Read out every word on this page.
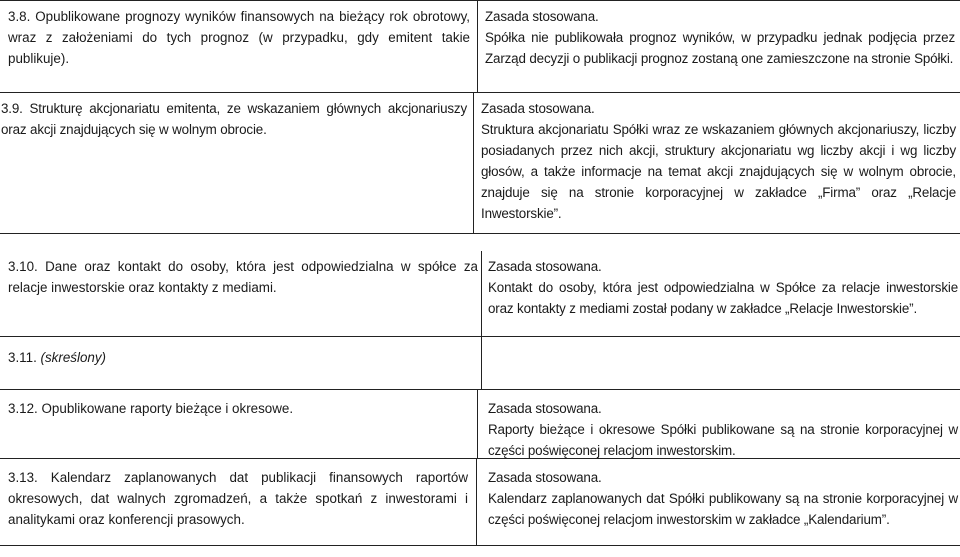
3.8. Opublikowane prognozy wyników finansowych na bieżący rok obrotowy, wraz z założeniami do tych prognoz (w przypadku, gdy emitent takie publikuje).
Zasada stosowana.
Spółka nie publikowała prognoz wyników, w przypadku jednak podjęcia przez Zarząd decyzji o publikacji prognoz zostaną one zamieszczone na stronie Spółki.
3.9. Strukturę akcjonariatu emitenta, ze wskazaniem głównych akcjonariuszy oraz akcji znajdujących się w wolnym obrocie.
Zasada stosowana.
Struktura akcjonariatu Spółki wraz ze wskazaniem głównych akcjonariuszy, liczby posiadanych przez nich akcji, struktury akcjonariatu wg liczby akcji i wg liczby głosów, a także informacje na temat akcji znajdujących się w wolnym obrocie, znajduje się na stronie korporacyjnej w zakładce „Firma” oraz „Relacje Inwestorskie”.
3.10. Dane oraz kontakt do osoby, która jest odpowiedzialna w spółce za relacje inwestorskie oraz kontakty z mediami.
Zasada stosowana.
Kontakt do osoby, która jest odpowiedzialna w Spółce za relacje inwestorskie oraz kontakty z mediami został podany w zakładce „Relacje Inwestorskie”.
3.11. (skreślony)
3.12. Opublikowane raporty bieżące i okresowe.	Zasada stosowana.
Raporty bieżące i okresowe Spółki publikowane są na stronie korporacyjnej w części poświęconej relacjom inwestorskim.
3.13. Kalendarz zaplanowanych dat publikacji finansowych raportów okresowych, dat walnych zgromadzeń, a także spotkań z inwestorami i analitykami oraz konferencji prasowych.
Zasada stosowana.
Kalendarz zaplanowanych dat Spółki publikowany są na stronie korporacyjnej w części poświęconej relacjom inwestorskim w zakładce „Kalendarium”.
